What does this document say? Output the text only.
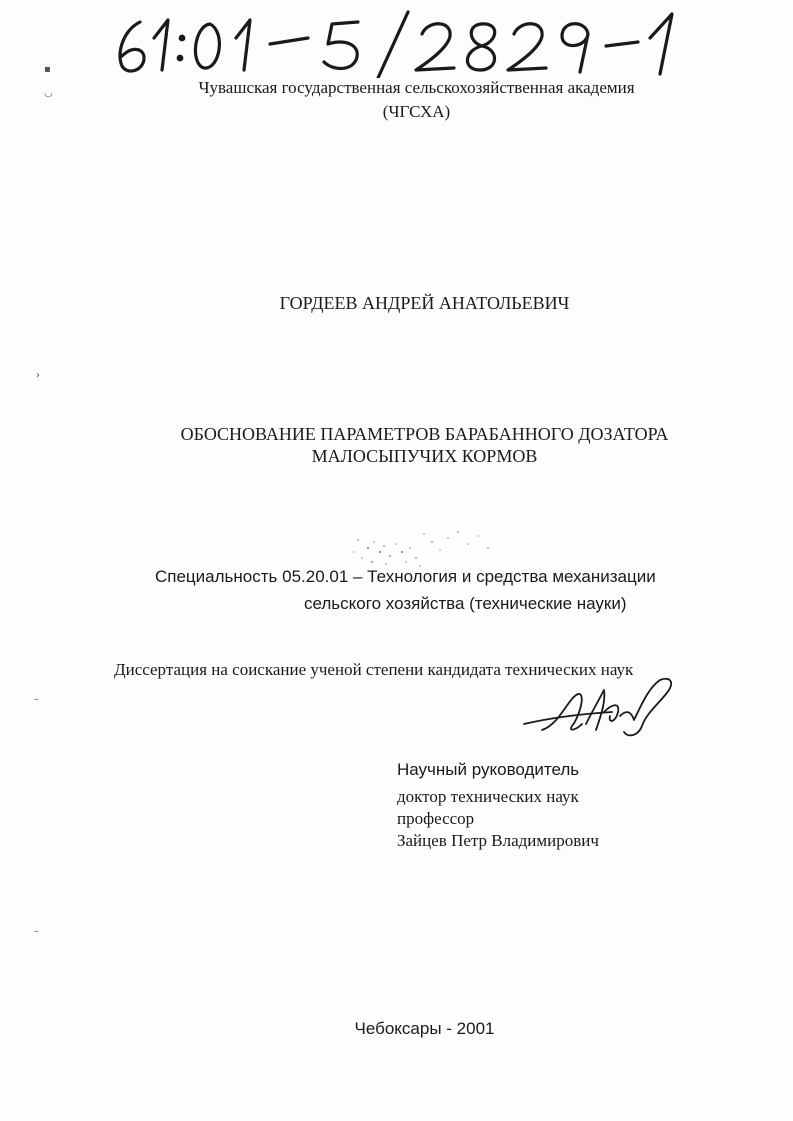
Чувашская государственная сельскохозяйственная академия
(ЧГСХА)
ГОРДЕЕВ АНДРЕЙ АНАТОЛЬЕВИЧ
ОБОСНОВАНИЕ ПАРАМЕТРОВ БАРАБАННОГО ДОЗАТОРА
МАЛОСЫПУЧИХ КОРМОВ
Специальность 05.20.01 – Технология и средства механизации
сельского хозяйства (технические науки)
Диссертация на соискание ученой степени кандидата технических наук
Научный руководитель
доктор технических наук
профессор
Зайцев Петр Владимирович
Чебоксары - 2001
▪
◡
›
–
–
